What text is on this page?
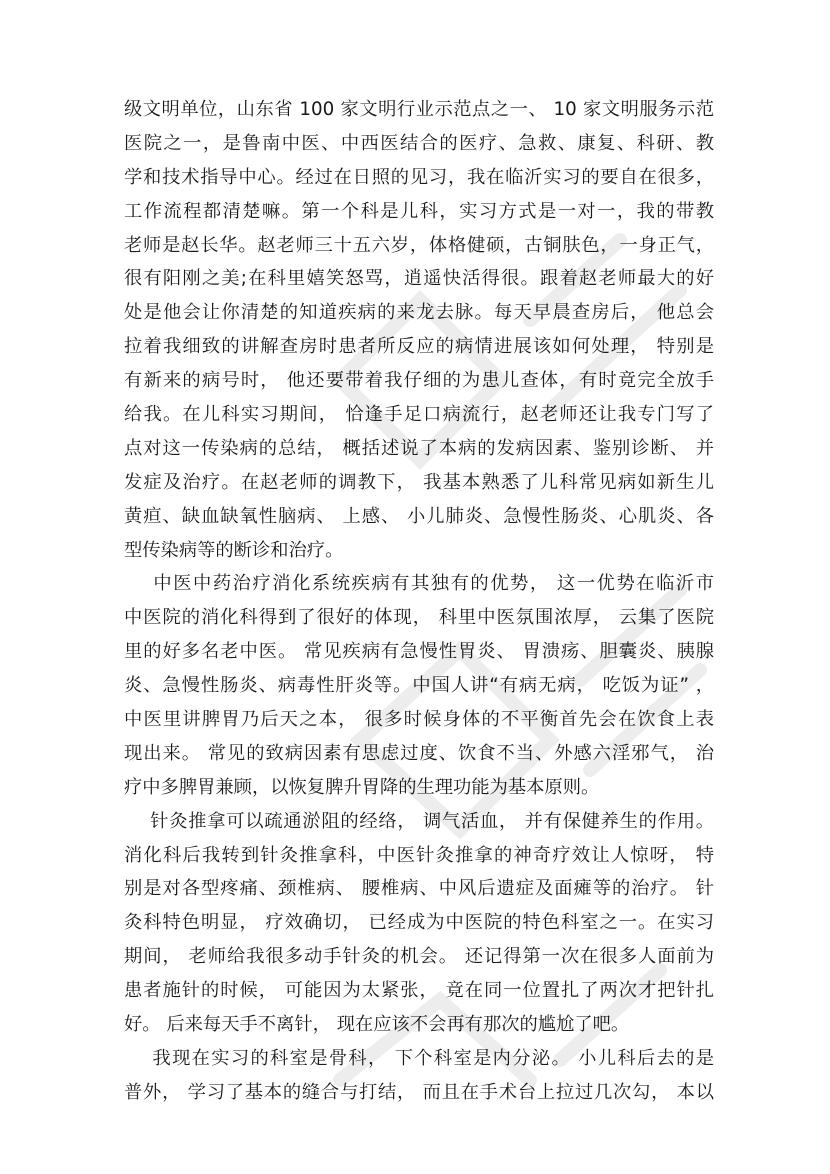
级文明单位，山东省 100 家文明行业示范点之一、 10 家文明服务示范
医院之一，是鲁南中医、中西医结合的医疗、急救、康复、科研、教
学和技术指导中心。经过在日照的见习，我在临沂实习的要自在很多，
工作流程都清楚嘛。第一个科是儿科，实习方式是一对一，我的带教
老师是赵长华。赵老师三十五六岁，体格健硕，古铜肤色，一身正气，
很有阳刚之美;在科里嬉笑怒骂，逍遥快活得很。跟着赵老师最大的好
处是他会让你清楚的知道疾病的来龙去脉。每天早晨查房后， 他总会
拉着我细致的讲解查房时患者所反应的病情进展该如何处理， 特别是
有新来的病号时， 他还要带着我仔细的为患儿查体，有时竟完全放手
给我。在儿科实习期间， 恰逢手足口病流行，赵老师还让我专门写了
点对这一传染病的总结， 概括述说了本病的发病因素、鉴别诊断、 并
发症及治疗。在赵老师的调教下， 我基本熟悉了儿科常见病如新生儿
黄疸、缺血缺氧性脑病、 上感、 小儿肺炎、急慢性肠炎、心肌炎、各
型传染病等的断诊和治疗。
中医中药治疗消化系统疾病有其独有的优势， 这一优势在临沂市
中医院的消化科得到了很好的体现， 科里中医氛围浓厚， 云集了医院
里的好多名老中医。 常见疾病有急慢性胃炎、 胃溃疡、胆囊炎、胰腺
炎、急慢性肠炎、病毒性肝炎等。中国人讲“有病无病， 吃饭为证” ，
中医里讲脾胃乃后天之本， 很多时候身体的不平衡首先会在饮食上表
现出来。 常见的致病因素有思虑过度、饮食不当、外感六淫邪气， 治
疗中多脾胃兼顾，以恢复脾升胃降的生理功能为基本原则。
针灸推拿可以疏通淤阻的经络， 调气活血， 并有保健养生的作用。
消化科后我转到针灸推拿科，中医针灸推拿的神奇疗效让人惊呀， 特
别是对各型疼痛、颈椎病、 腰椎病、中风后遗症及面瘫等的治疗。 针
灸科特色明显， 疗效确切， 已经成为中医院的特色科室之一。在实习
期间， 老师给我很多动手针灸的机会。 还记得第一次在很多人面前为
患者施针的时候， 可能因为太紧张， 竟在同一位置扎了两次才把针扎
好。 后来每天手不离针， 现在应该不会再有那次的尴尬了吧。
我现在实习的科室是骨科， 下个科室是内分泌。 小儿科后去的是
普外， 学习了基本的缝合与打结， 而且在手术台上拉过几次勾， 本以
